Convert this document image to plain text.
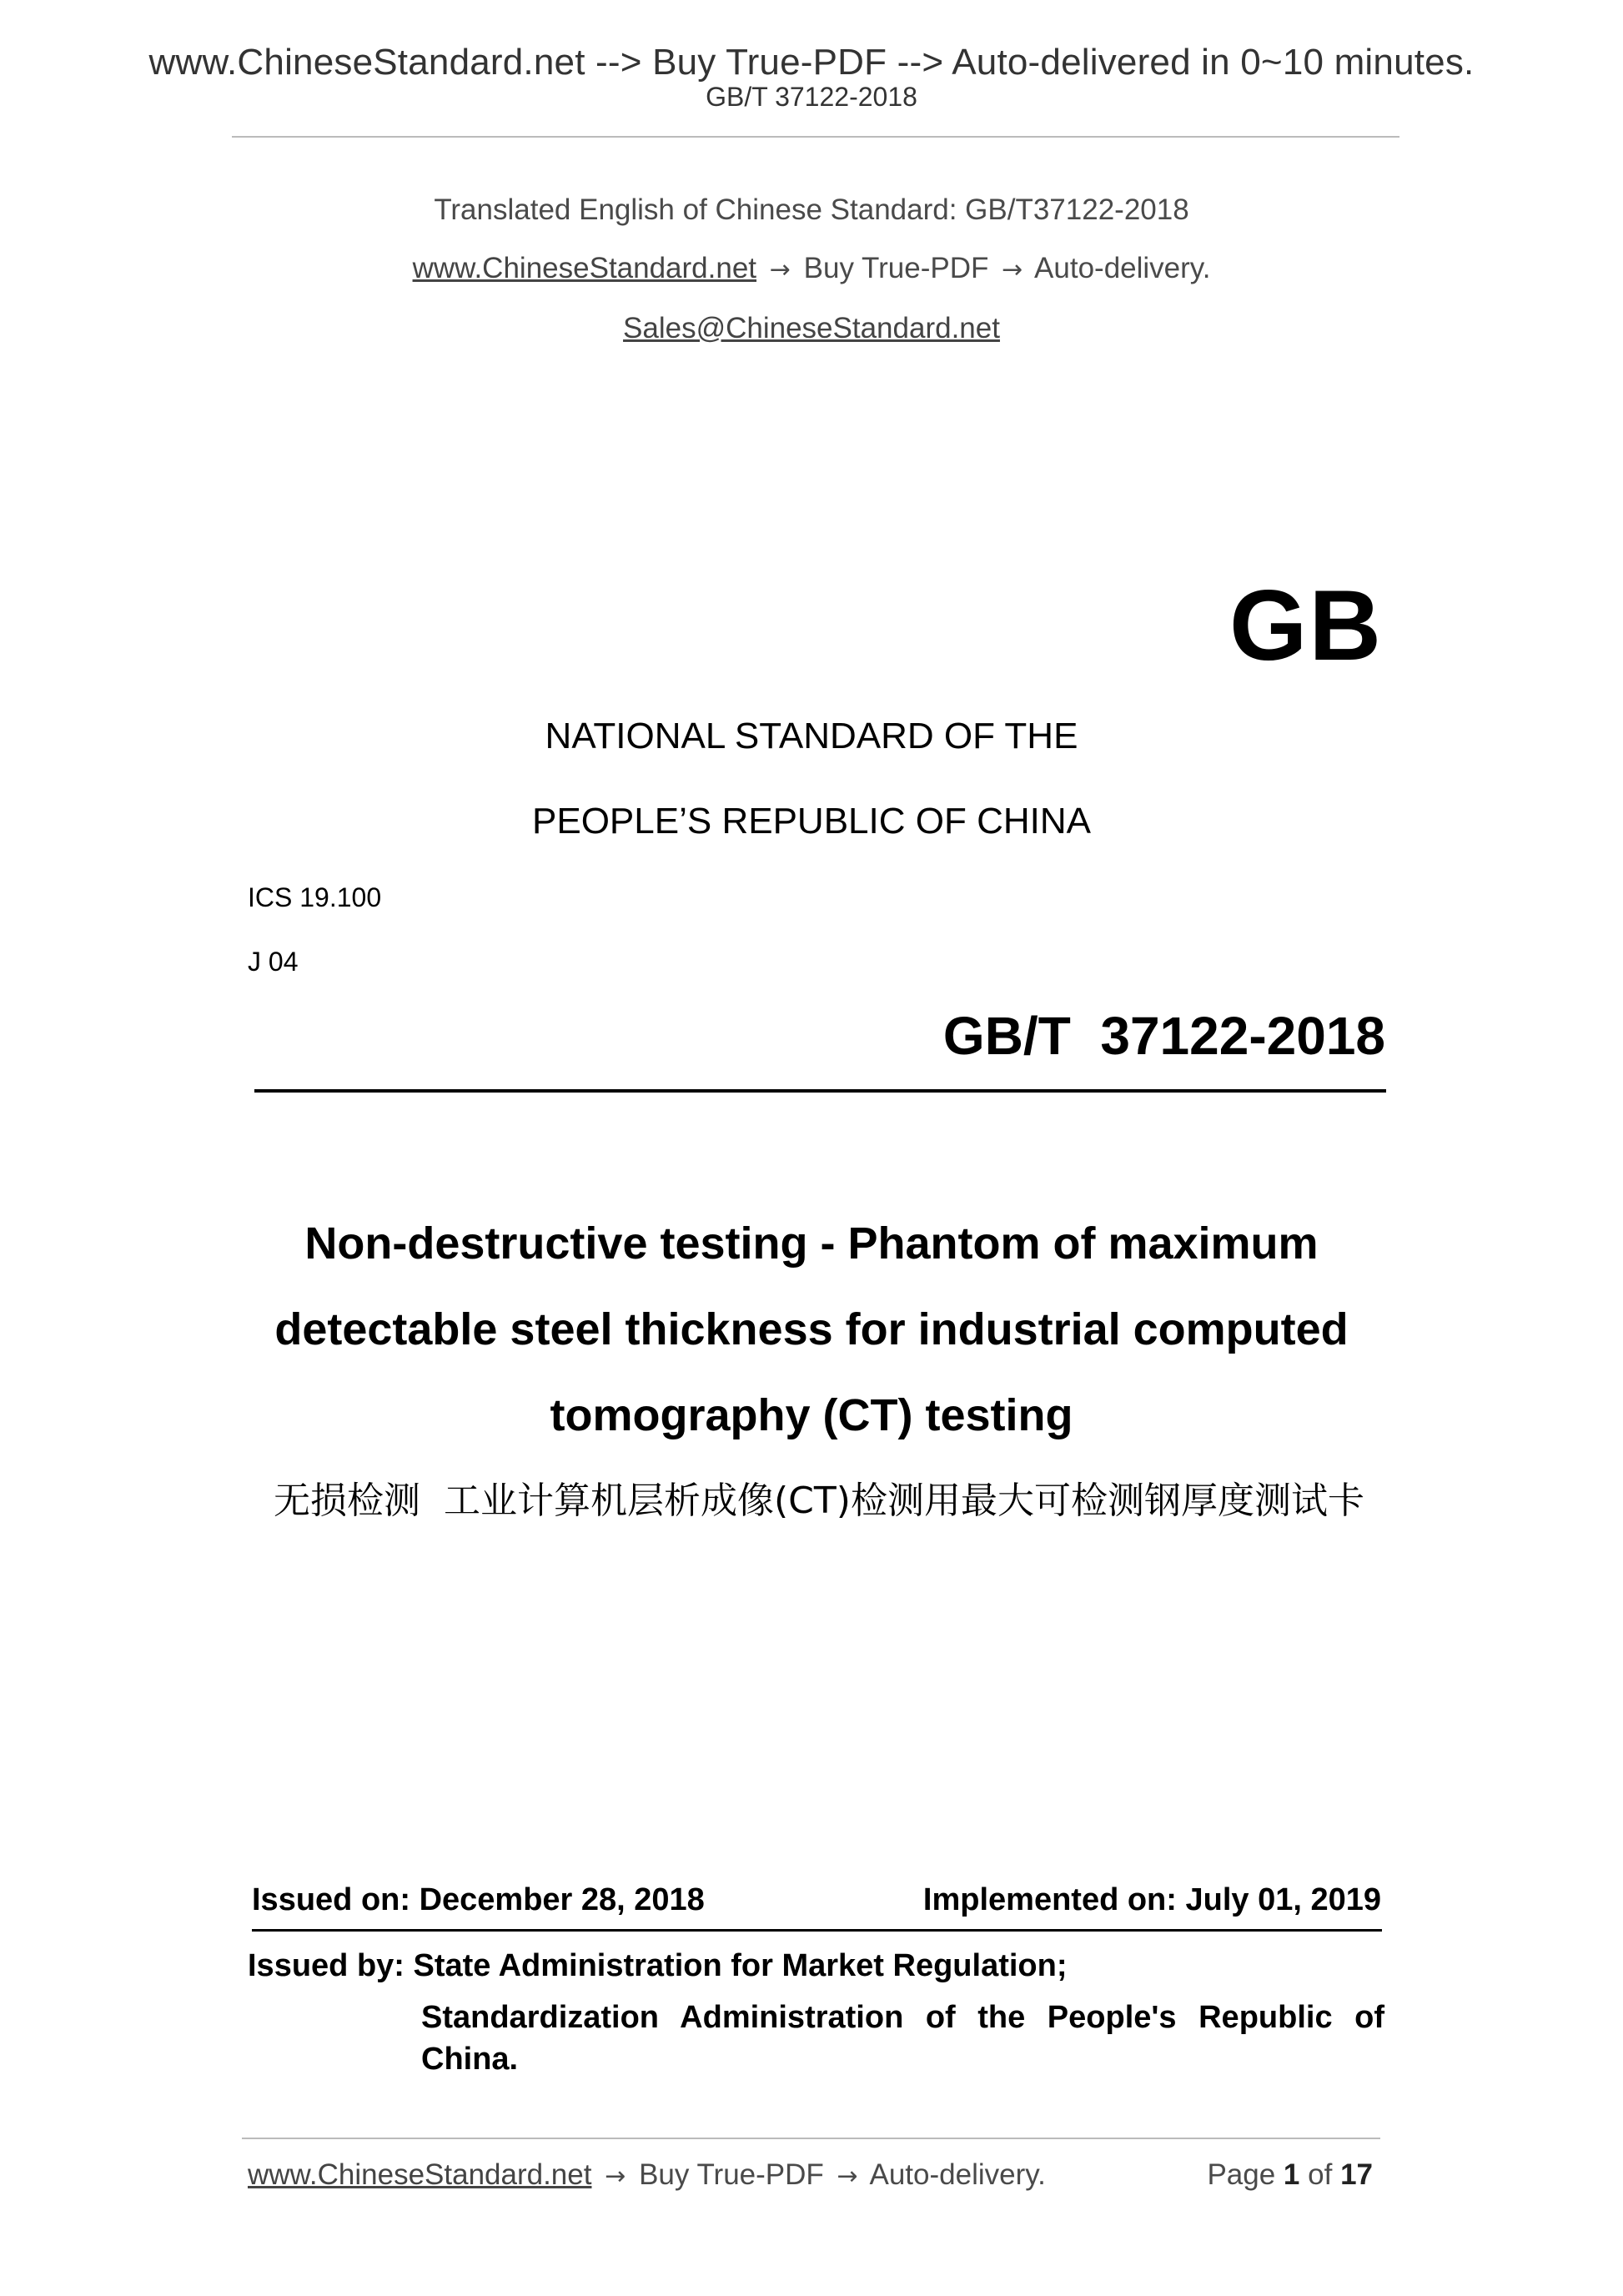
www.ChineseStandard.net --> Buy True-PDF --> Auto-delivered in 0~10 minutes.
GB/T 37122-2018
Translated English of Chinese Standard: GB/T37122-2018
www.ChineseStandard.net → Buy True-PDF → Auto-delivery.
Sales@ChineseStandard.net
GB
NATIONAL STANDARD OF THE
PEOPLE’S REPUBLIC OF CHINA
ICS 19.100
J 04
GB/T  37122-2018
Non-destructive testing - Phantom of maximum
detectable steel thickness for industrial computed
tomography (CT) testing
无损检测  工业计算机层析成像(CT)检测用最大可检测钢厚度测试卡
Issued on: December 28, 2018	Implemented on: July 01, 2019
Issued by: State Administration for Market Regulation;
Standardization Administration of the People's Republic of
China.
www.ChineseStandard.net → Buy True-PDF → Auto-delivery.	Page 1 of 17
